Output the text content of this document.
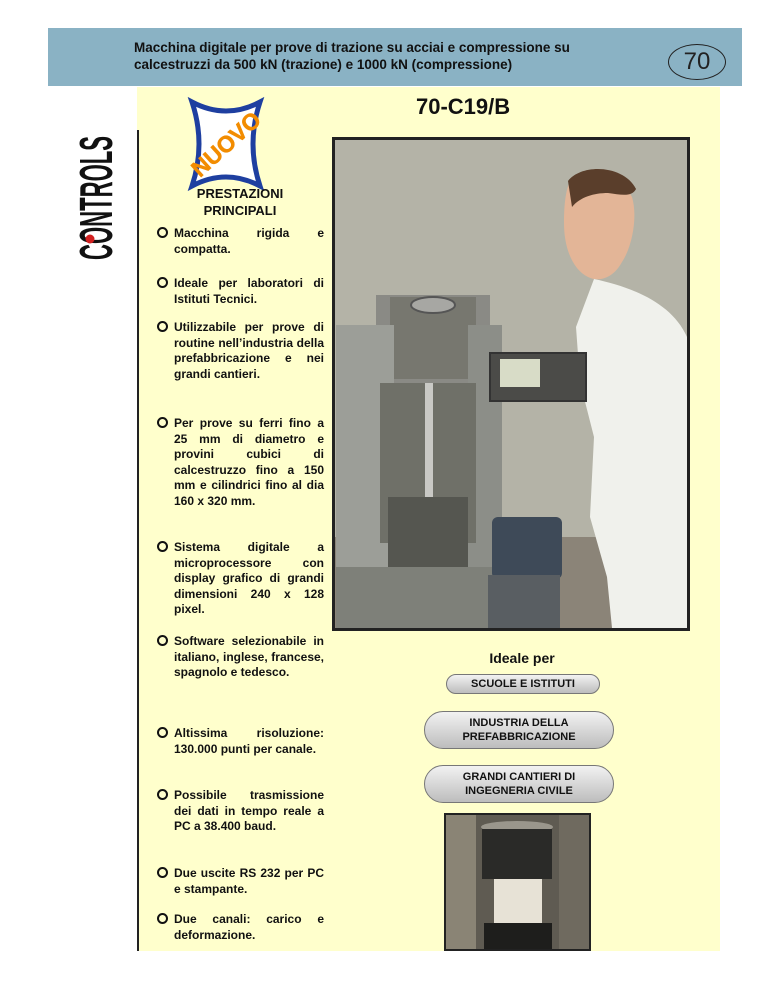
Macchina digitale per prove di trazione su acciai e compressione su
calcestruzzi da 500 kN (trazione) e 1000 kN (compressione)	70
CONTROLS	70-C19/B
NUOVO
PRESTAZIONI
PRINCIPALI
Macchina rigida e compatta.
Ideale per laboratori di Istituti Tecnici.
Utilizzabile per prove di routine nell’industria della prefabbricazione e nei grandi cantieri.
Per prove su ferri fino a 25 mm di diametro e provini cubici di calcestruzzo fino a 150 mm e cilindrici fino al dia 160 x 320 mm.
Sistema digitale a microprocessore con display grafico di grandi dimensioni 240 x 128 pixel.
Software selezionabile in italiano, inglese, francese, spagnolo e tedesco.
Altissima risoluzione: 130.000 punti per canale.
Possibile trasmissione dei dati in tempo reale a PC a 38.400 baud.
Due uscite RS 232 per PC e stampante.
Due canali: carico e deformazione.
Ideale per
SCUOLE E ISTITUTI
INDUSTRIA DELLA
PREFABBRICAZIONE
GRANDI CANTIERI DI
INGEGNERIA CIVILE
